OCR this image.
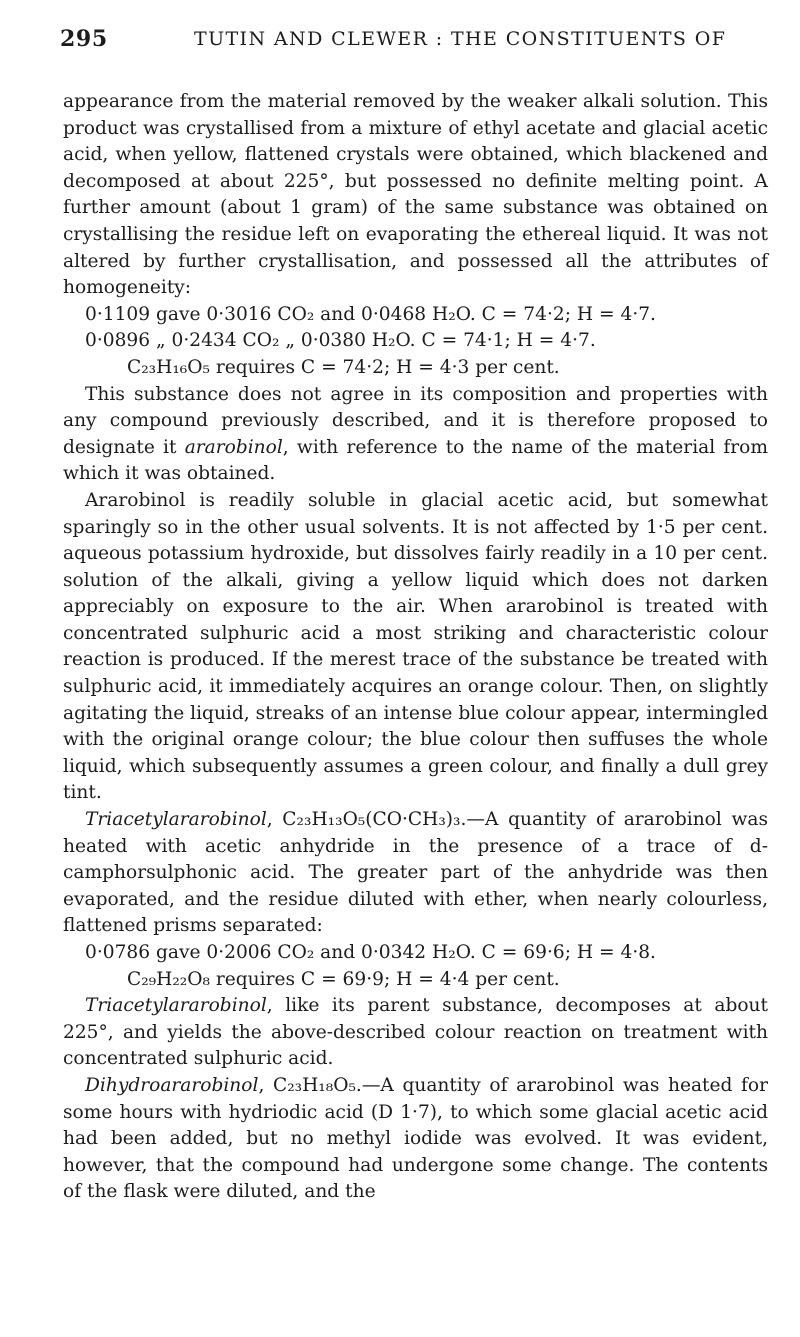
295	TUTIN AND CLEWER : THE CONSTITUENTS OF

appearance from the material removed by the weaker alkali solution. This product was crystallised from a mixture of ethyl acetate and glacial acetic acid, when yellow, flattened crystals were obtained, which blackened and decomposed at about 225°, but possessed no definite melting point. A further amount (about 1 gram) of the same substance was obtained on crystallising the residue left on evaporating the ethereal liquid. It was not altered by further crystallisation, and possessed all the attributes of homogeneity:

0·1109 gave 0·3016 CO₂ and 0·0468 H₂O. C = 74·2; H = 4·7.

0·0896 „ 0·2434 CO₂ „ 0·0380 H₂O. C = 74·1; H = 4·7.

C₂₃H₁₆O₅ requires C = 74·2; H = 4·3 per cent.

This substance does not agree in its composition and properties with any compound previously described, and it is therefore proposed to designate it ararobinol, with reference to the name of the material from which it was obtained.

Ararobinol is readily soluble in glacial acetic acid, but somewhat sparingly so in the other usual solvents. It is not affected by 1·5 per cent. aqueous potassium hydroxide, but dissolves fairly readily in a 10 per cent. solution of the alkali, giving a yellow liquid which does not darken appreciably on exposure to the air. When ararobinol is treated with concentrated sulphuric acid a most striking and characteristic colour reaction is produced. If the merest trace of the substance be treated with sulphuric acid, it immediately acquires an orange colour. Then, on slightly agitating the liquid, streaks of an intense blue colour appear, intermingled with the original orange colour; the blue colour then suffuses the whole liquid, which subsequently assumes a green colour, and finally a dull grey tint.

Triacetylararobinol, C₂₃H₁₃O₅(CO·CH₃)₃.—A quantity of ararobinol was heated with acetic anhydride in the presence of a trace of d-camphorsulphonic acid. The greater part of the anhydride was then evaporated, and the residue diluted with ether, when nearly colourless, flattened prisms separated:

0·0786 gave 0·2006 CO₂ and 0·0342 H₂O. C = 69·6; H = 4·8.

C₂₉H₂₂O₈ requires C = 69·9; H = 4·4 per cent.

Triacetylararobinol, like its parent substance, decomposes at about 225°, and yields the above-described colour reaction on treatment with concentrated sulphuric acid.

Dihydroararobinol, C₂₃H₁₈O₅.—A quantity of ararobinol was heated for some hours with hydriodic acid (D 1·7), to which some glacial acetic acid had been added, but no methyl iodide was evolved. It was evident, however, that the compound had undergone some change. The contents of the flask were diluted, and the
